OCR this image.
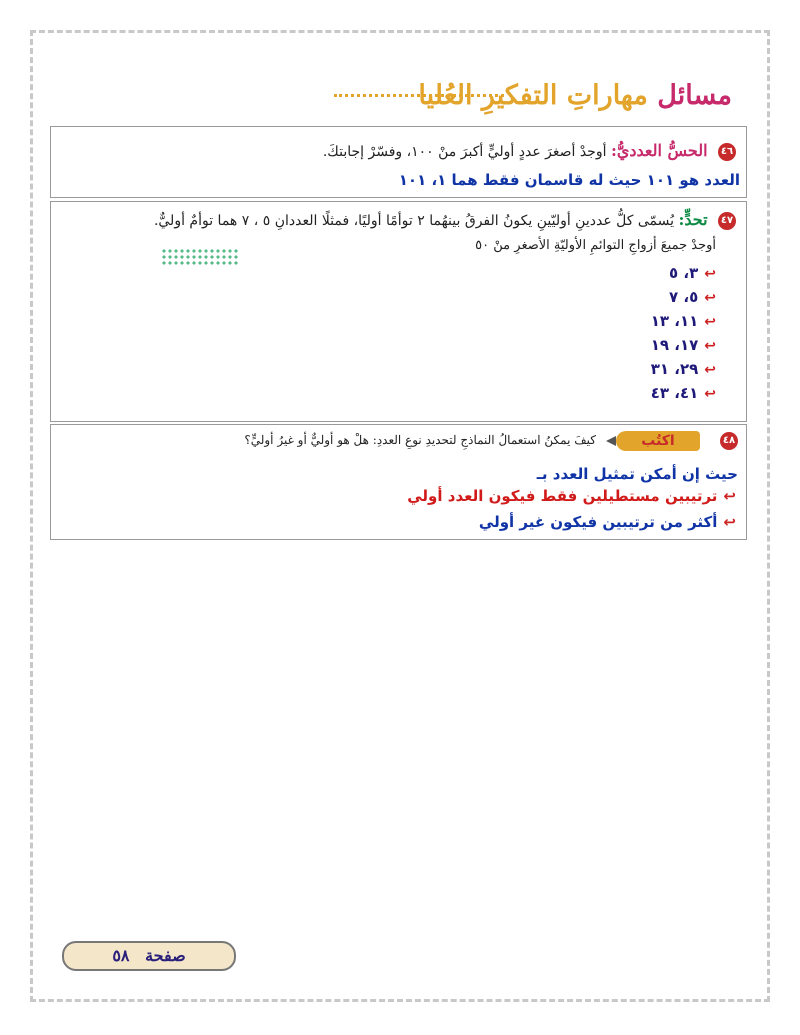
مسائل مهاراتِ التفكيرِ العُليا
٤٦ الحسُّ العدديُّ: أوجدْ أصغرَ عددٍ أوليٍّ أكبرَ منْ ١٠٠، وفسّرْ إجابتكَ.
العدد هو ١٠١ حيث له قاسمان فقط هما ١، ١٠١
٤٧ تحدٍّ: يُسمّى كلُّ عددينِ أوليّينِ يكونُ الفرقُ بينهُما ٢ توأمًا أوليًا، فمثلًا العددانِ ٥ ، ٧ هما توأمٌ أوليٌّ.
أوجدْ جميعَ أزواجِ التوائمِ الأوليّةِ الأصغرِ منْ ٥٠
↩٣، ٥
↩٥، ٧
↩١١، ١٣
↩١٧، ١٩
↩٢٩، ٣١
↩٤١، ٤٣
٤٨
اكتُب
كيفَ يمكنُ استعمالُ النماذجِ لتحديدِ نوعِ العددِ: هلْ هو أوليٌّ أو غيرُ أوليٍّ؟
حيث إن أمكن تمثيل العدد بـ
↩ترتيبين مستطيلين فقط فيكون العدد أولي
↩أكثر من ترتيبين فيكون غير أولي
صفحة ٥٨
